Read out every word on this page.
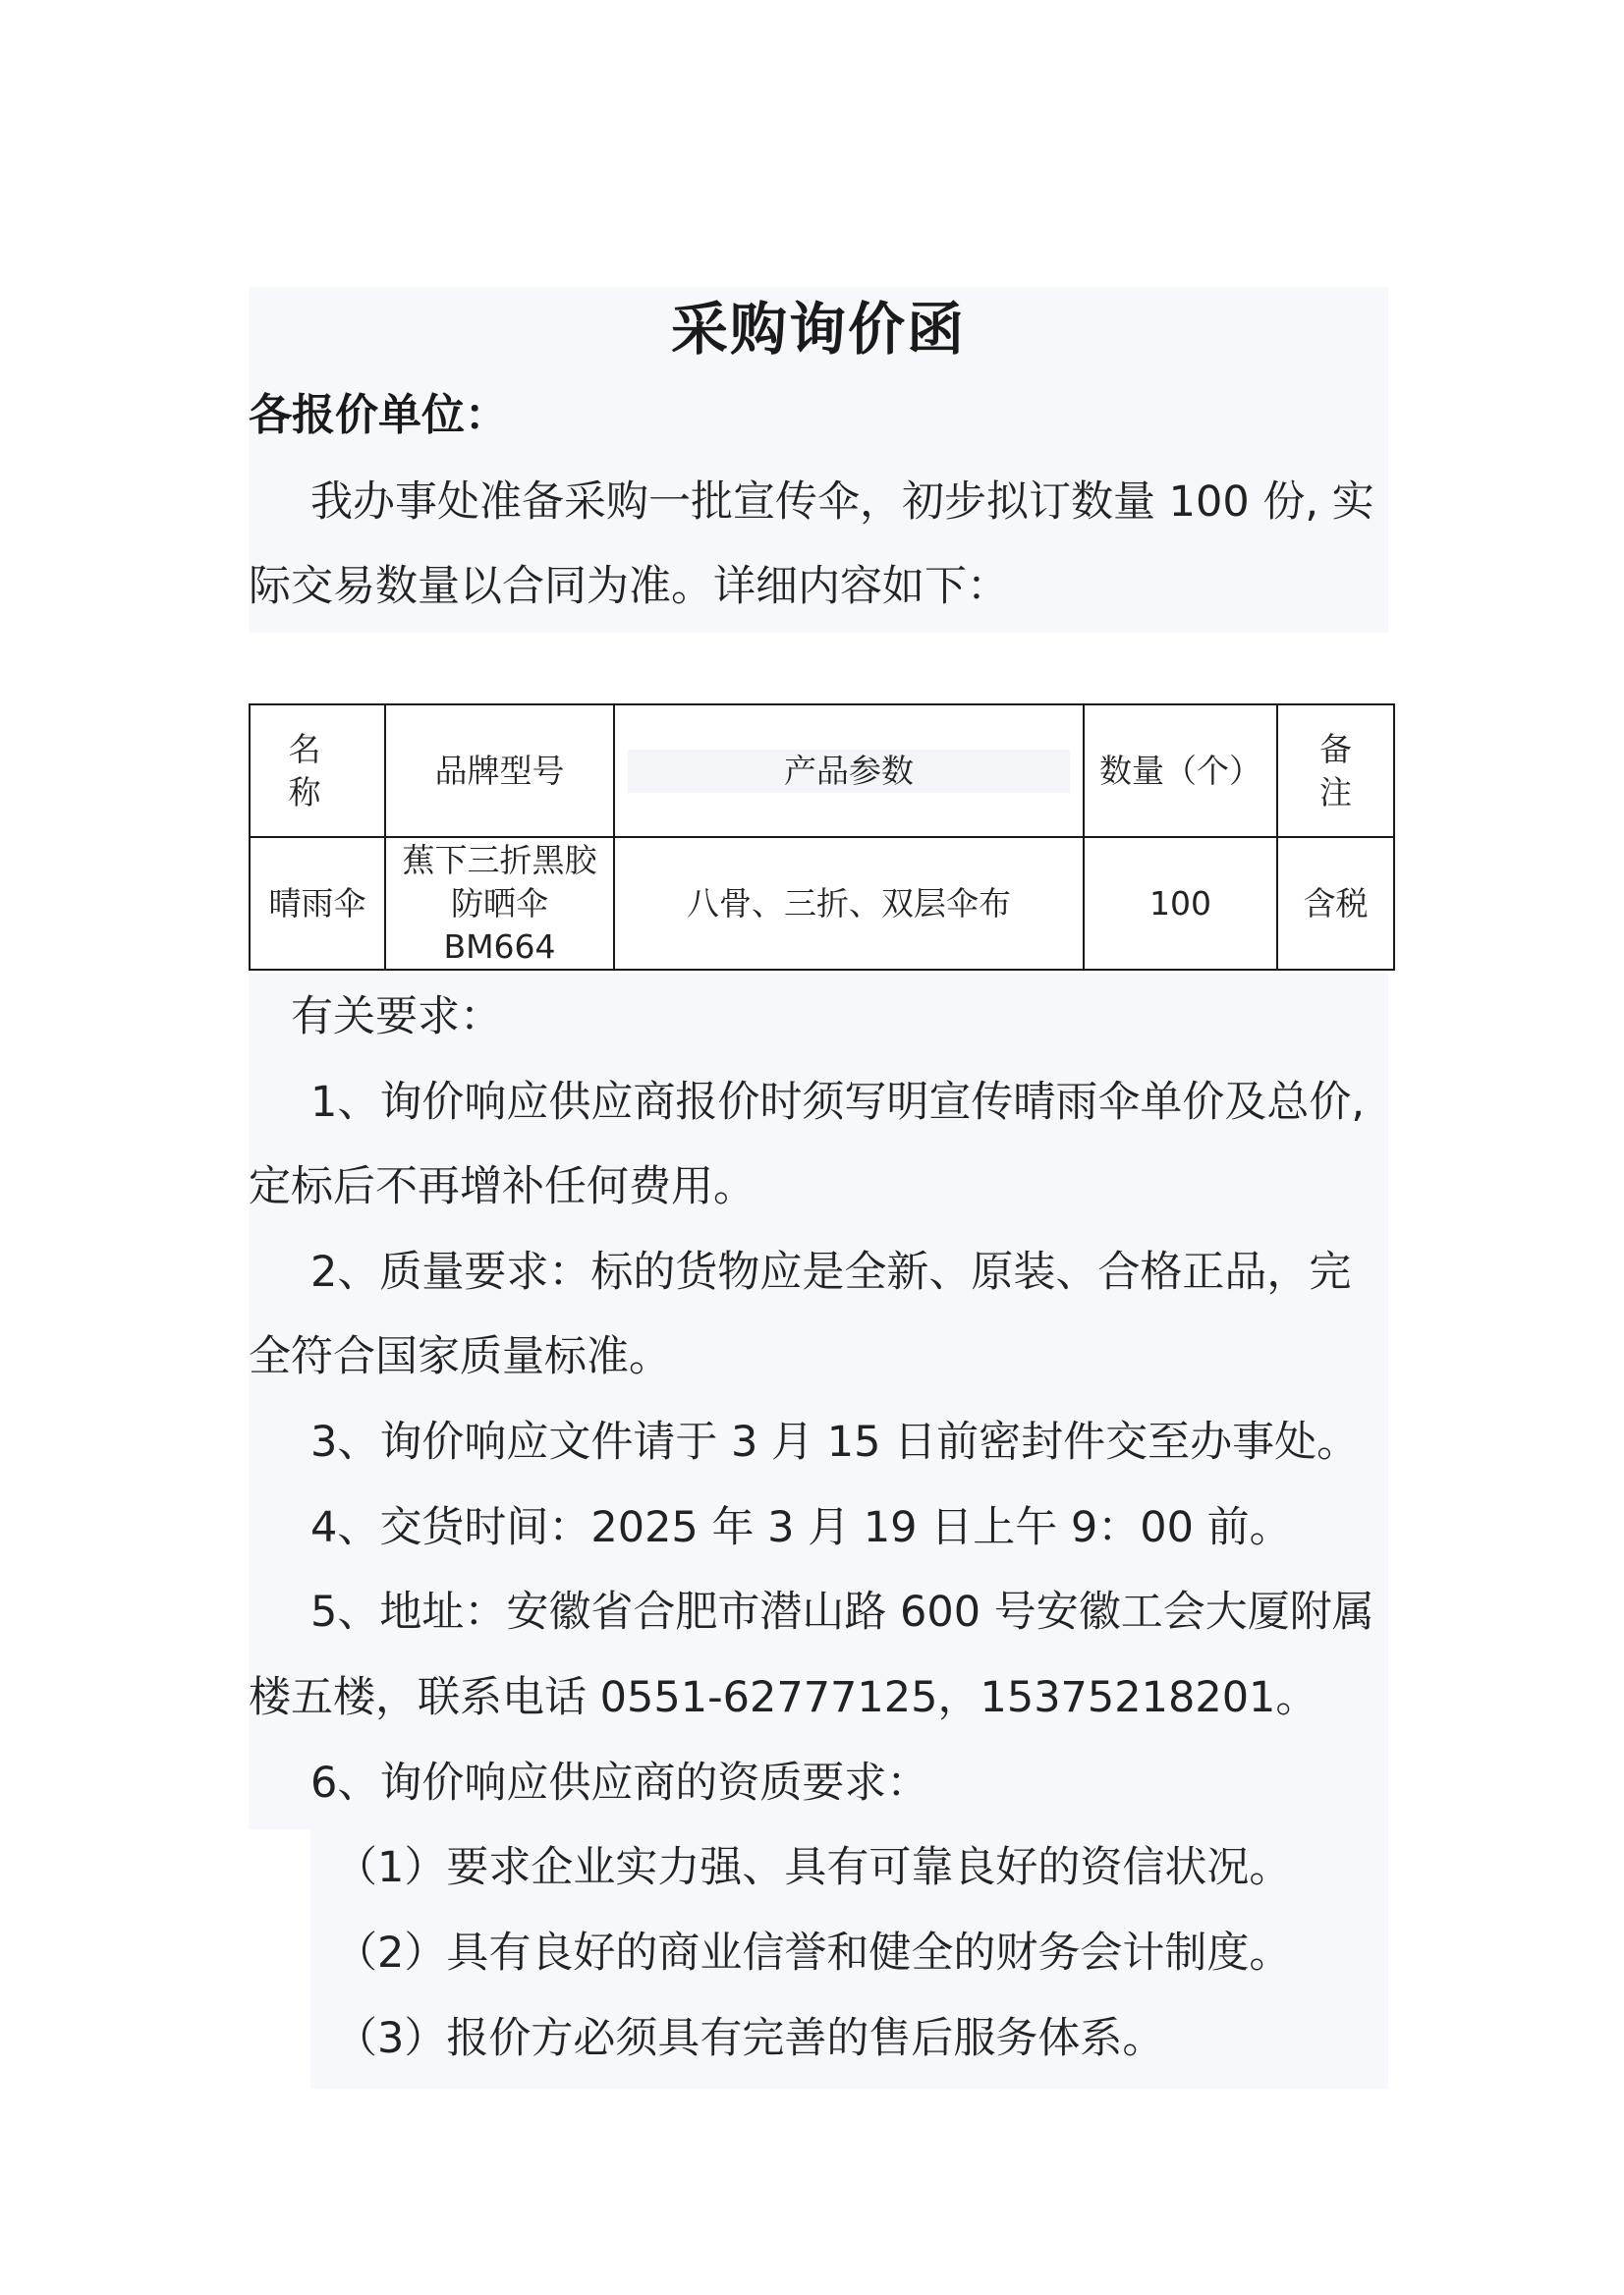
采购询价函
各报价单位：
我办事处准备采购一批宣传伞，初步拟订数量 100 份, 实
际交易数量以合同为准。详细内容如下：
名 称	品牌型号	产品参数	数量（个）	备
注

晴雨伞	蕉下三折黑胶
防晒伞
BM664	八骨、三折、双层伞布	100	含税
有关要求：
1、询价响应供应商报价时须写明宣传晴雨伞单价及总价,
定标后不再增补任何费用。
2、质量要求：标的货物应是全新、原装、合格正品，完
全符合国家质量标准。
3、询价响应文件请于 3 月 15 日前密封件交至办事处。
4、交货时间：2025 年 3 月 19 日上午 9：00 前。
5、地址：安徽省合肥市潜山路 600 号安徽工会大厦附属
楼五楼，联系电话 0551-62777125，15375218201。
6、询价响应供应商的资质要求：
（1）要求企业实力强、具有可靠良好的资信状况。
（2）具有良好的商业信誉和健全的财务会计制度。
（3）报价方必须具有完善的售后服务体系。
